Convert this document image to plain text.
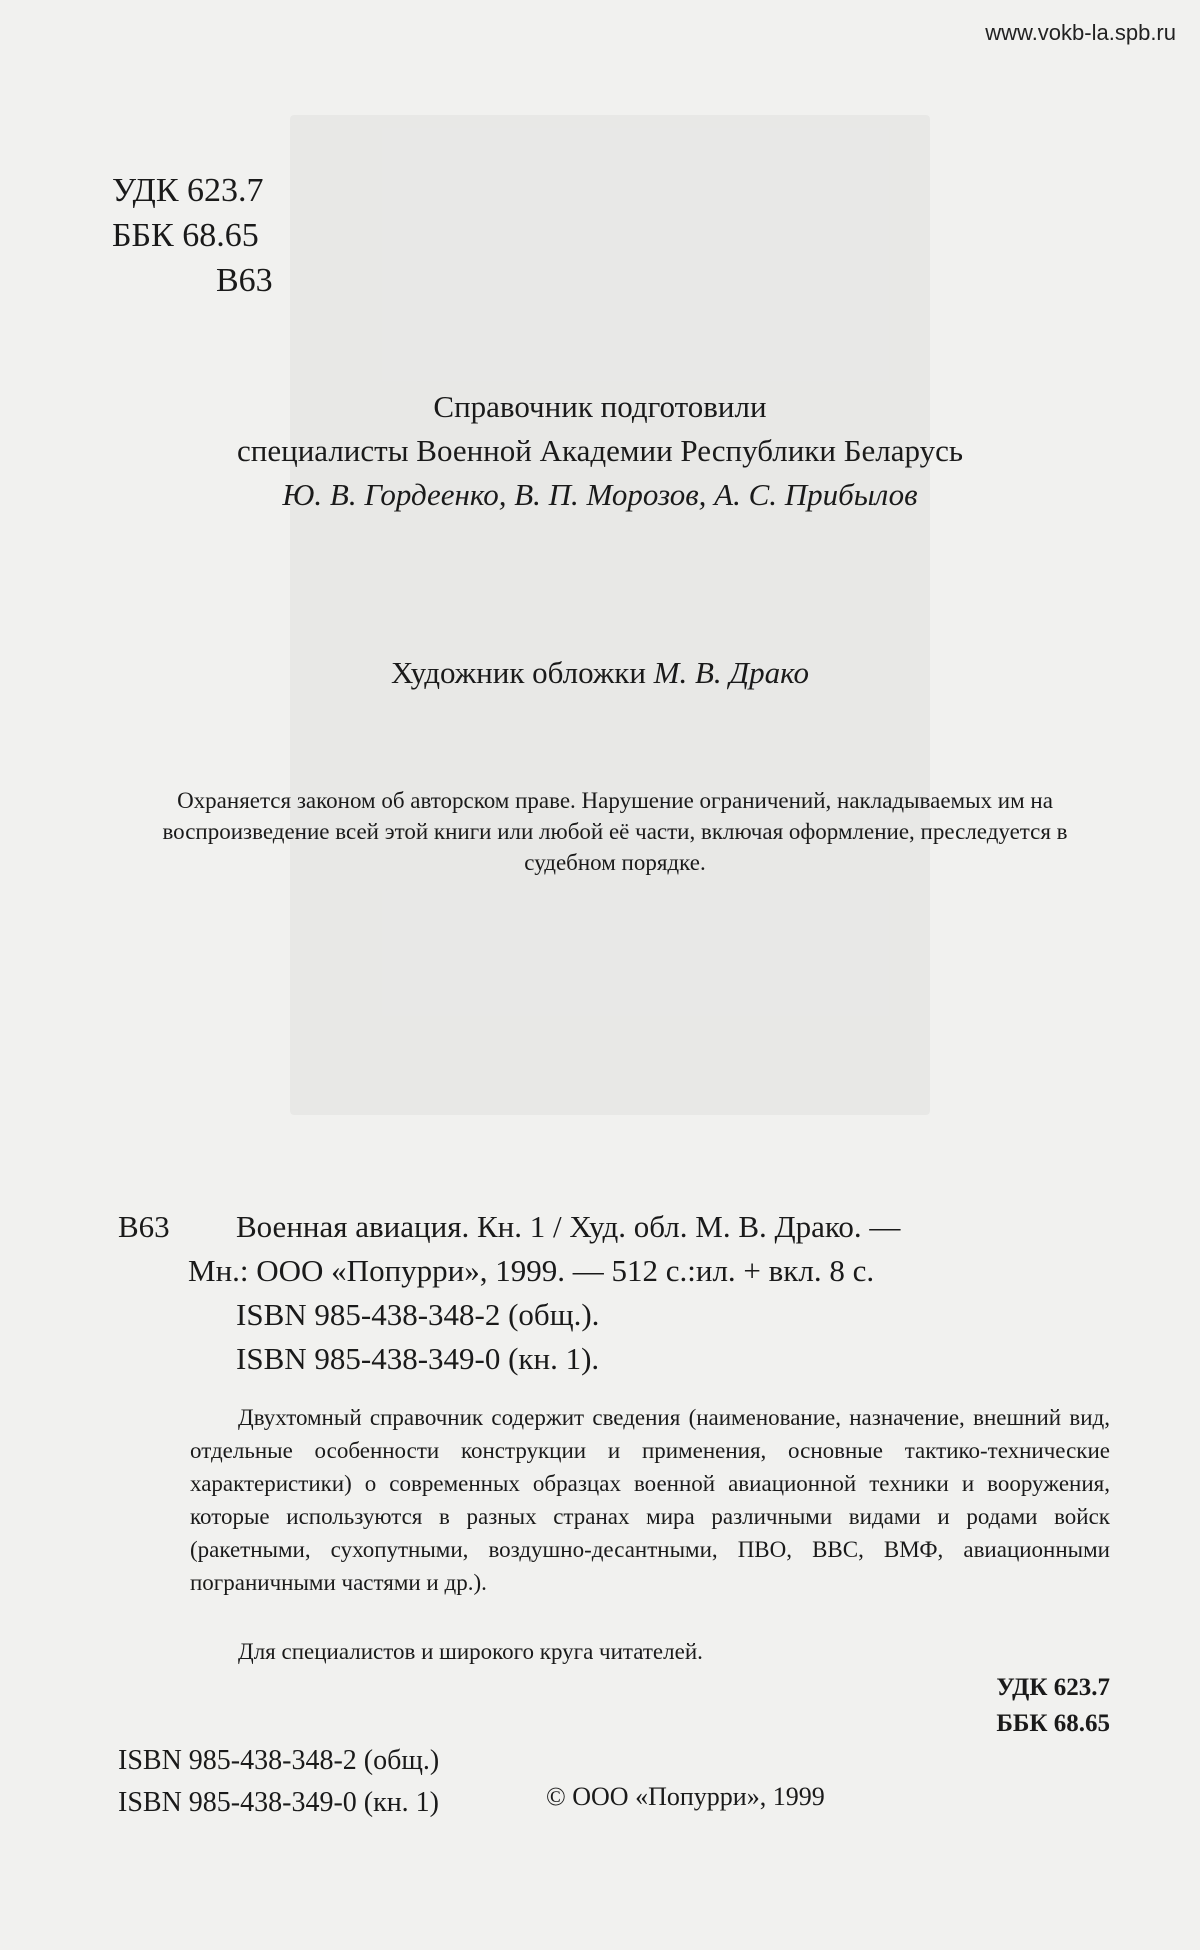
www.vokb-la.spb.ru
УДК 623.7
ББК 68.65
В63
Справочник подготовили
специалисты Военной Академии Республики Беларусь
Ю. В. Гордеенко, В. П. Морозов, А. С. Прибылов
Художник обложки М. В. Драко
Охраняется законом об авторском праве. Нарушение ограничений, накладываемых им на воспроизведение всей этой книги или любой её части, включая оформление, преследуется в судебном порядке.
В63 Военная авиация. Кн. 1 / Худ. обл. М. В. Драко. —
Мн.: ООО «Попурри», 1999. — 512 с.:ил. + вкл. 8 с.
ISBN 985-438-348-2 (общ.).
ISBN 985-438-349-0 (кн. 1).

Двухтомный справочник содержит сведения (наименование, назначение, внешний вид, отдельные особенности конструкции и применения, основные тактико-технические характеристики) о современных образцах военной авиационной техники и вооружения, которые используются в разных странах мира различными видами и родами войск (ракетными, сухопутными, воздушно-десантными, ПВО, ВВС, ВМФ, авиационными пограничными частями и др.).

Для специалистов и широкого круга читателей.
УДК 623.7
ББК 68.65
ISBN 985-438-348-2 (общ.)
ISBN 985-438-349-0 (кн. 1)	© ООО «Попурри», 1999
